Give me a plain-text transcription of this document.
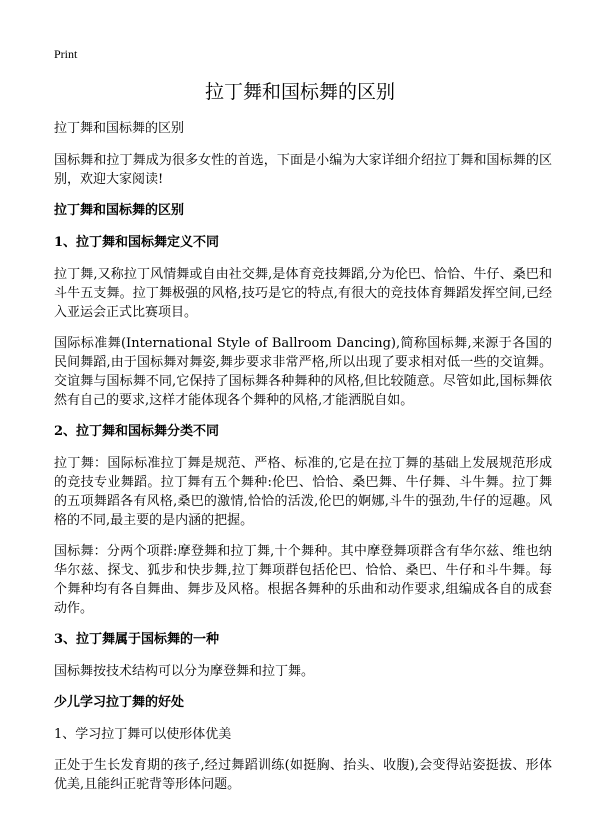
Print
拉丁舞和国标舞的区别

拉丁舞和国标舞的区别

国标舞和拉丁舞成为很多女性的首选，下面是小编为大家详细介绍拉丁舞和国标舞的区别，欢迎大家阅读!

拉丁舞和国标舞的区别

1、拉丁舞和国标舞定义不同

拉丁舞,又称拉丁风情舞或自由社交舞,是体育竞技舞蹈,分为伦巴、恰恰、牛仔、桑巴和斗牛五支舞。拉丁舞极强的风格,技巧是它的特点,有很大的竞技体育舞蹈发挥空间,已经入亚运会正式比赛项目。

国际标准舞(International Style of Ballroom Dancing),简称国标舞,来源于各国的民间舞蹈,由于国标舞对舞姿,舞步要求非常严格,所以出现了要求相对低一些的交谊舞。交谊舞与国标舞不同,它保持了国标舞各种舞种的风格,但比较随意。尽管如此,国标舞依然有自己的要求,这样才能体现各个舞种的风格,才能洒脱自如。

2、拉丁舞和国标舞分类不同

拉丁舞：国际标准拉丁舞是规范、严格、标准的,它是在拉丁舞的基础上发展规范形成的竞技专业舞蹈。拉丁舞有五个舞种:伦巴、恰恰、桑巴舞、牛仔舞、斗牛舞。拉丁舞的五项舞蹈各有风格,桑巴的激情,恰恰的活泼,伦巴的婀娜,斗牛的强劲,牛仔的逗趣。风格的不同,最主要的是内涵的把握。

国标舞：分两个项群:摩登舞和拉丁舞,十个舞种。其中摩登舞项群含有华尔兹、维也纳华尔兹、探戈、狐步和快步舞,拉丁舞项群包括伦巴、恰恰、桑巴、牛仔和斗牛舞。每个舞种均有各自舞曲、舞步及风格。根据各舞种的乐曲和动作要求,组编成各自的成套动作。

3、拉丁舞属于国标舞的一种

国标舞按技术结构可以分为摩登舞和拉丁舞。

少儿学习拉丁舞的好处

1、学习拉丁舞可以使形体优美

正处于生长发育期的孩子,经过舞蹈训练(如挺胸、抬头、收腹),会变得站姿挺拔、形体优美,且能纠正驼背等形体问题。
